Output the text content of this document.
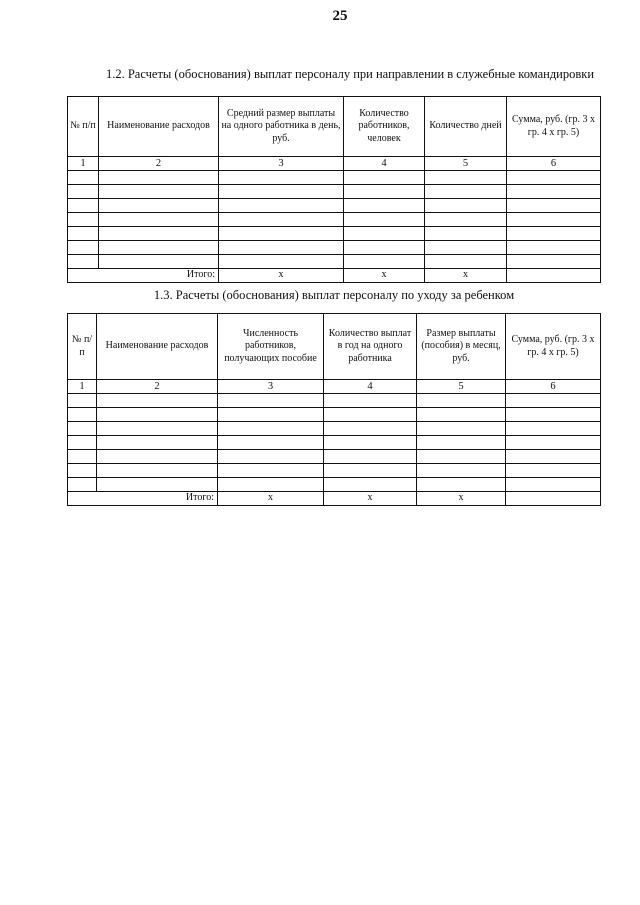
25
1.2. Расчеты (обоснования) выплат персоналу при направлении в служебные командировки
№ п/п	Наименование расходов	Средний размер выплаты на одного работника в день, руб.	Количество работников, человек	Количество дней	Сумма, руб. (гр. 3 х гр. 4 х гр. 5)
1	2	3	4	5	6

	Итого:	x	x	x	
1.3. Расчеты (обоснования) выплат персоналу по уходу за ребенком
№ п/п	Наименование расходов	Численность работников, получающих пособие	Количество выплат в год на одного работника	Размер выплаты (пособия) в месяц, руб.	Сумма, руб. (гр. 3 х гр. 4 х гр. 5)
1	2	3	4	5	6

	Итого:	x	x	x	
